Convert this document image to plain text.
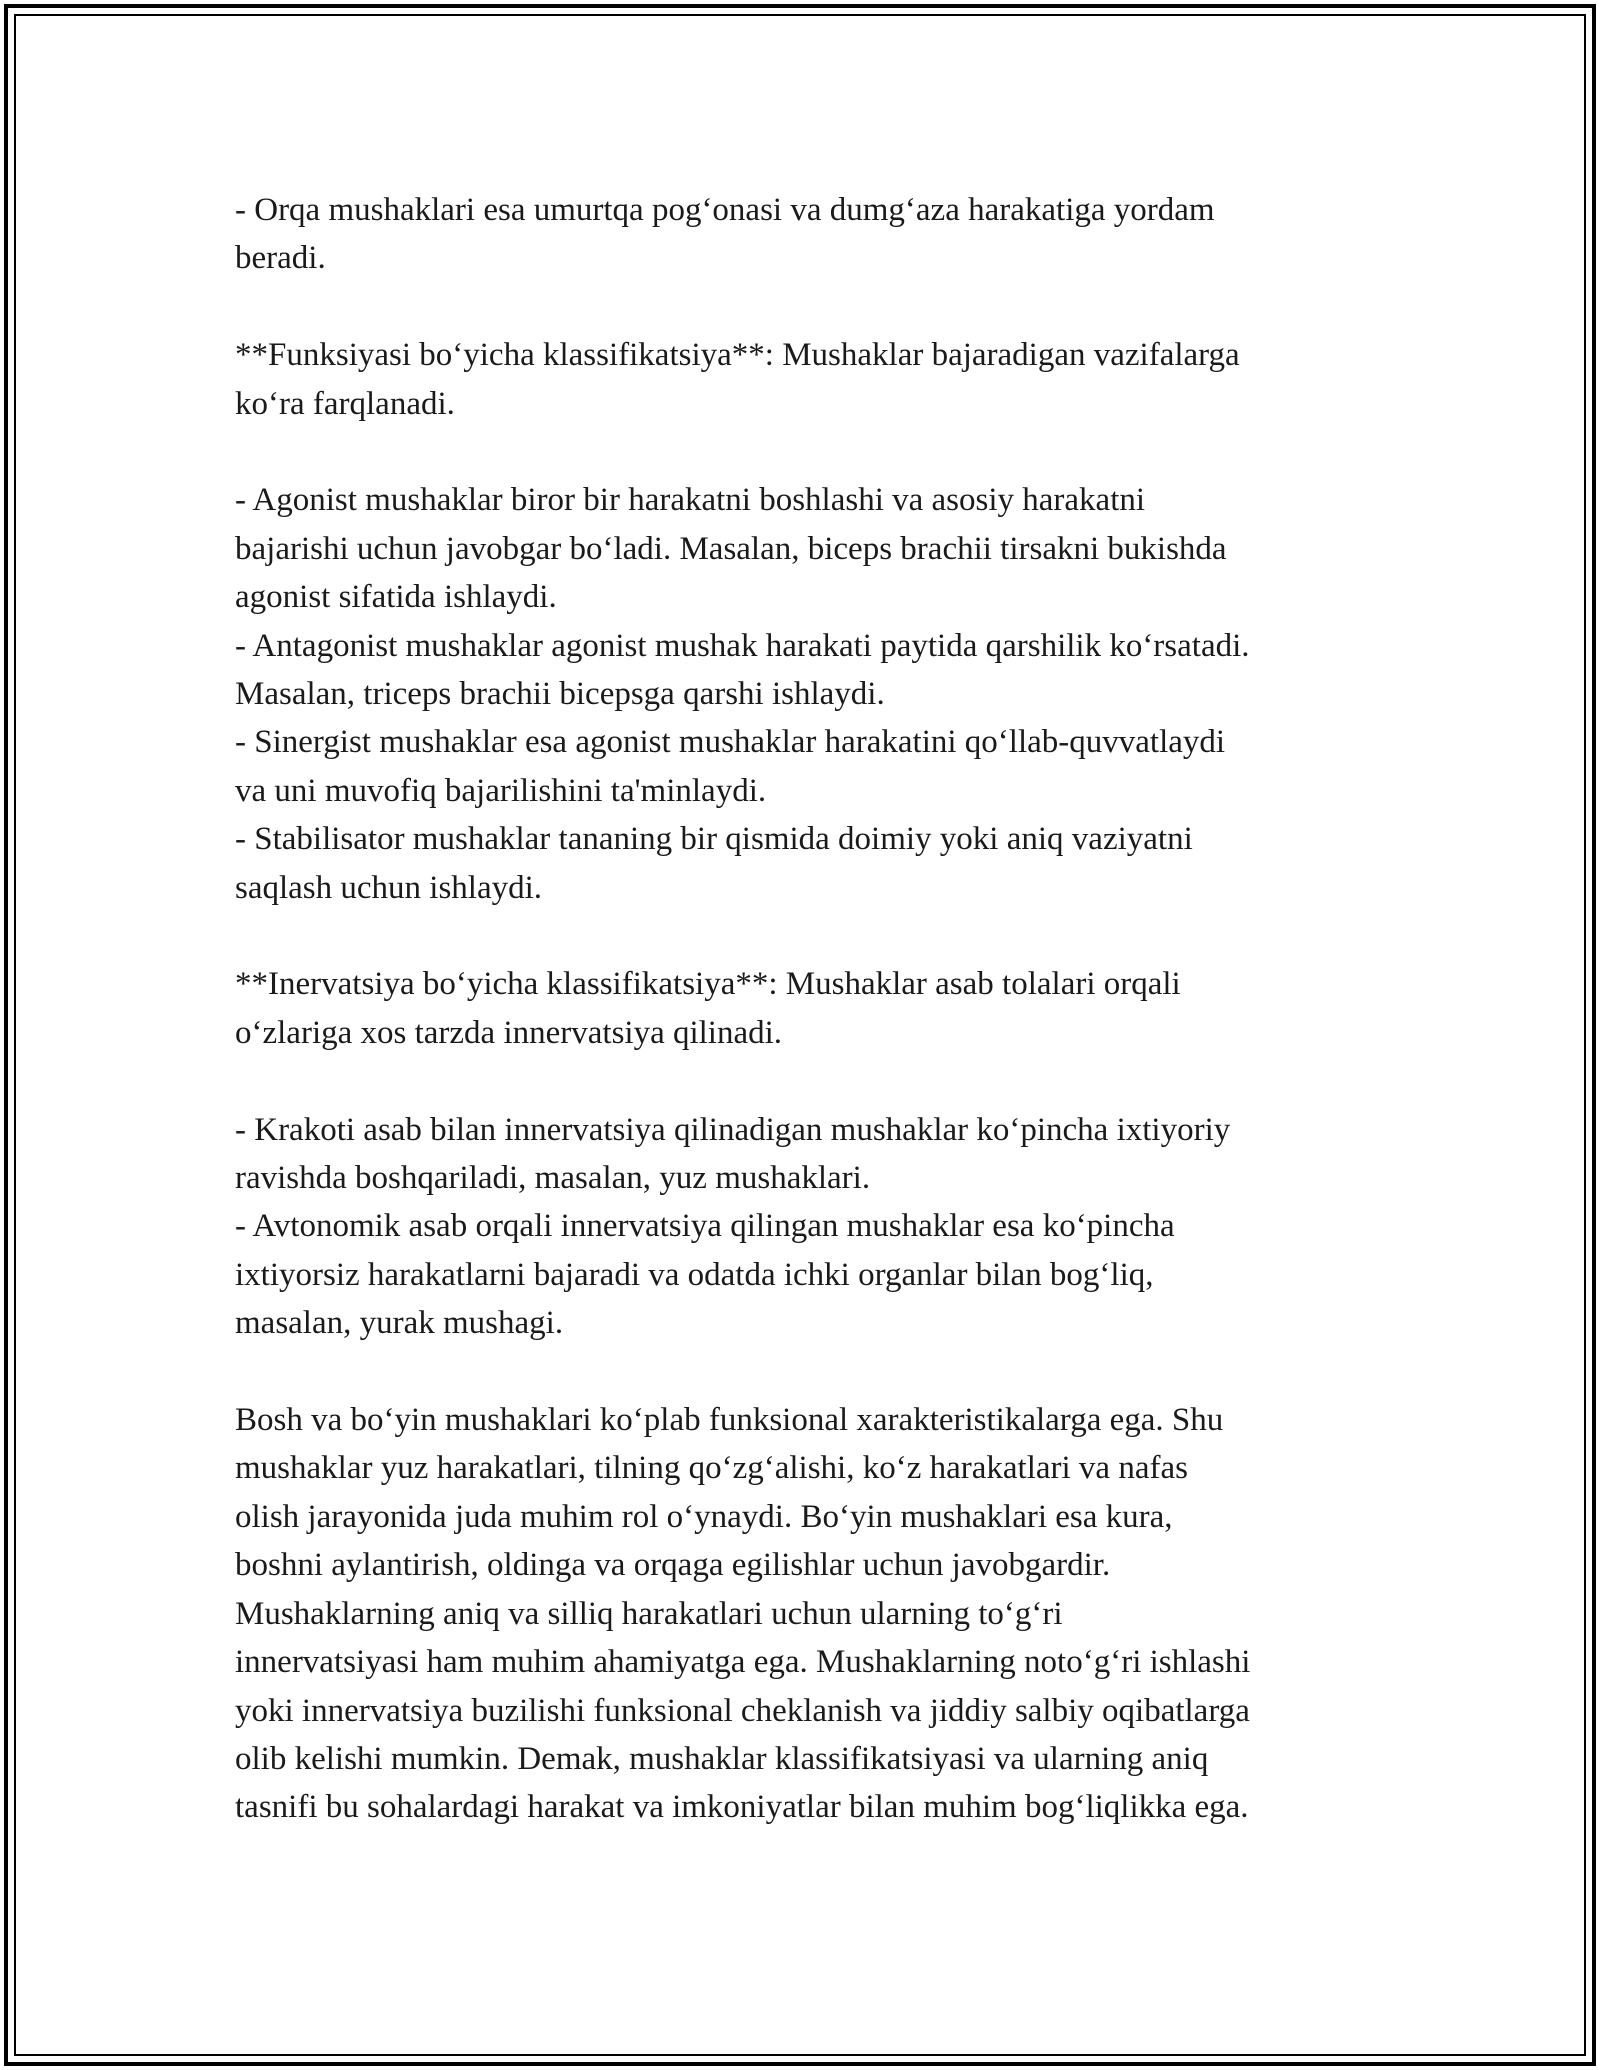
- Orqa mushaklari esa umurtqa pog‘onasi va dumg‘aza harakatiga yordam
beradi.

**Funksiyasi bo‘yicha klassifikatsiya**: Mushaklar bajaradigan vazifalarga
ko‘ra farqlanadi.

- Agonist mushaklar biror bir harakatni boshlashi va asosiy harakatni
bajarishi uchun javobgar bo‘ladi. Masalan, biceps brachii tirsakni bukishda
agonist sifatida ishlaydi.
- Antagonist mushaklar agonist mushak harakati paytida qarshilik ko‘rsatadi.
Masalan, triceps brachii bicepsga qarshi ishlaydi.
- Sinergist mushaklar esa agonist mushaklar harakatini qo‘llab-quvvatlaydi
va uni muvofiq bajarilishini ta'minlaydi.
- Stabilisator mushaklar tananing bir qismida doimiy yoki aniq vaziyatni
saqlash uchun ishlaydi.

**Inervatsiya bo‘yicha klassifikatsiya**: Mushaklar asab tolalari orqali
o‘zlariga xos tarzda innervatsiya qilinadi.

- Krakoti asab bilan innervatsiya qilinadigan mushaklar ko‘pincha ixtiyoriy
ravishda boshqariladi, masalan, yuz mushaklari.
- Avtonomik asab orqali innervatsiya qilingan mushaklar esa ko‘pincha
ixtiyorsiz harakatlarni bajaradi va odatda ichki organlar bilan bog‘liq,
masalan, yurak mushagi.

Bosh va bo‘yin mushaklari ko‘plab funksional xarakteristikalarga ega. Shu
mushaklar yuz harakatlari, tilning qo‘zg‘alishi, ko‘z harakatlari va nafas
olish jarayonida juda muhim rol o‘ynaydi. Bo‘yin mushaklari esa kura,
boshni aylantirish, oldinga va orqaga egilishlar uchun javobgardir.
Mushaklarning aniq va silliq harakatlari uchun ularning to‘g‘ri
innervatsiyasi ham muhim ahamiyatga ega. Mushaklarning noto‘g‘ri ishlashi
yoki innervatsiya buzilishi funksional cheklanish va jiddiy salbiy oqibatlarga
olib kelishi mumkin. Demak, mushaklar klassifikatsiyasi va ularning aniq
tasnifi bu sohalardagi harakat va imkoniyatlar bilan muhim bog‘liqlikka ega.
